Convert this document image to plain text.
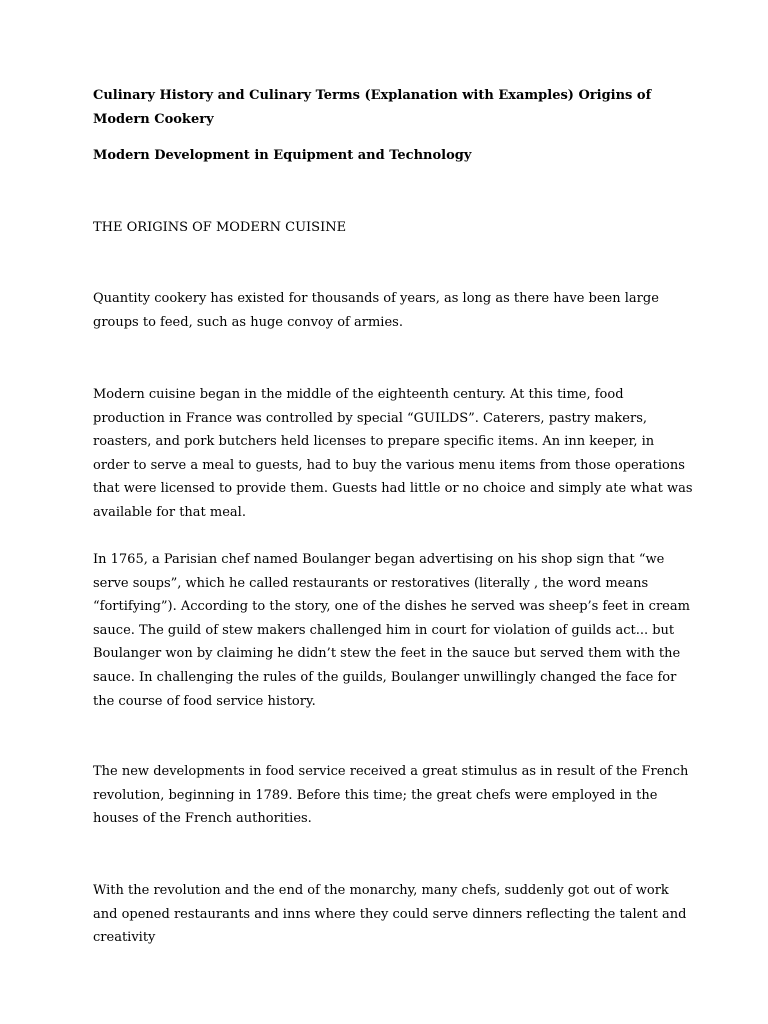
Culinary History and Culinary Terms (Explanation with Examples) Origins of Modern Cookery

Modern Development in Equipment and Technology

THE ORIGINS OF MODERN CUISINE

Quantity cookery has existed for thousands of years, as long as there have been large groups to feed, such as huge convoy of armies.

Modern cuisine began in the middle of the eighteenth century. At this time, food production in France was controlled by special “GUILDS”. Caterers, pastry makers, roasters, and pork butchers held licenses to prepare specific items. An inn keeper, in order to serve a meal to guests, had to buy the various menu items from those operations that were licensed to provide them. Guests had little or no choice and simply ate what was available for that meal.

In 1765, a Parisian chef named Boulanger began advertising on his shop sign that “we serve soups”, which he called restaurants or restoratives (literally , the word means “fortifying”). According to the story, one of the dishes he served was sheep’s feet in cream sauce. The guild of stew makers challenged him in court for violation of guilds act... but Boulanger won by claiming he didn’t stew the feet in the sauce but served them with the sauce. In challenging the rules of the guilds, Boulanger unwillingly changed the face for the course of food service history.

The new developments in food service received a great stimulus as in result of the French revolution, beginning in 1789. Before this time; the great chefs were employed in the houses of the French authorities.

With the revolution and the end of the monarchy, many chefs, suddenly got out of work and opened restaurants and inns where they could serve dinners reflecting the talent and creativity
